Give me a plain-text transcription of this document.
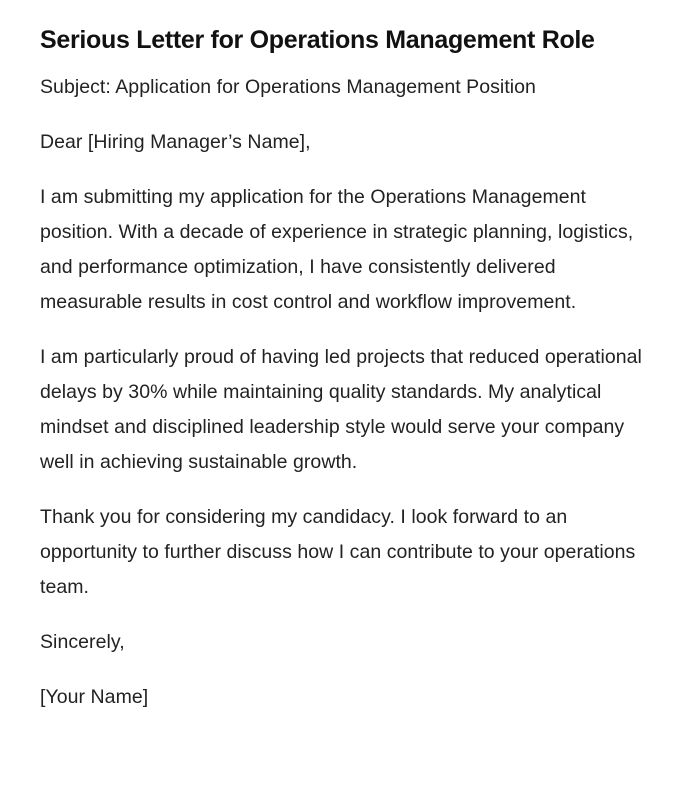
Serious Letter for Operations Management Role

Subject: Application for Operations Management Position

Dear [Hiring Manager’s Name],

I am submitting my application for the Operations Management position. With a decade of experience in strategic planning, logistics, and performance optimization, I have consistently delivered measurable results in cost control and workflow improvement.

I am particularly proud of having led projects that reduced operational delays by 30% while maintaining quality standards. My analytical mindset and disciplined leadership style would serve your company well in achieving sustainable growth.

Thank you for considering my candidacy. I look forward to an opportunity to further discuss how I can contribute to your operations team.

Sincerely,

[Your Name]
